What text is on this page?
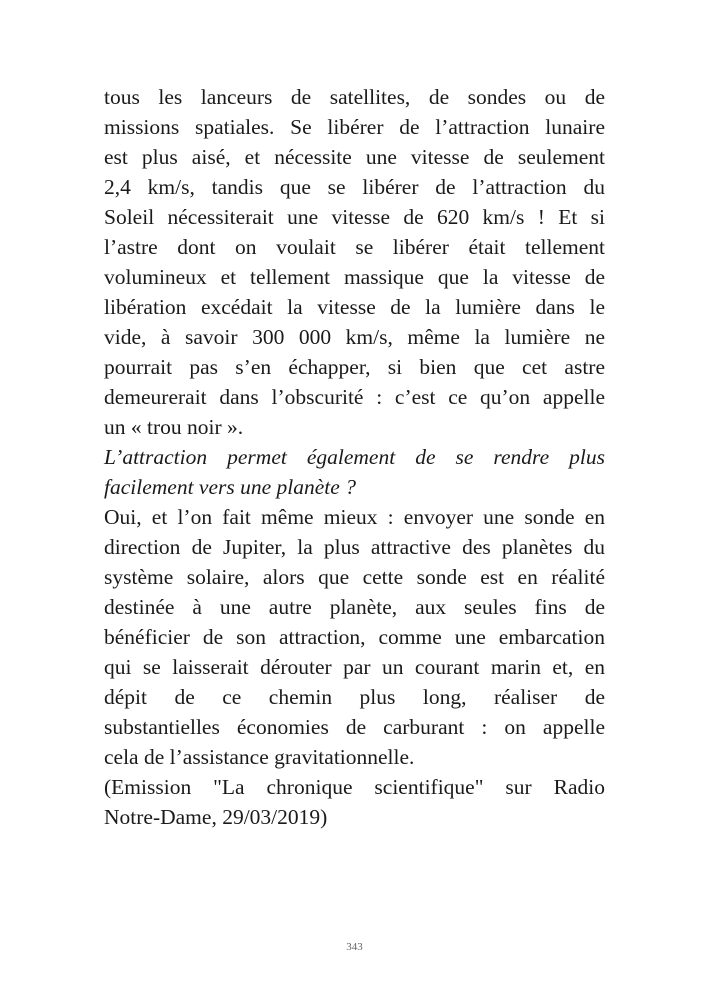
tous les lanceurs de satellites, de sondes ou de
missions spatiales. Se libérer de l’attraction lunaire
est plus aisé, et nécessite une vitesse de seulement
2,4 km/s, tandis que se libérer de l’attraction du
Soleil nécessiterait une vitesse de 620 km/s ! Et si
l’astre dont on voulait se libérer était tellement
volumineux et tellement massique que la vitesse de
libération excédait la vitesse de la lumière dans le
vide, à savoir 300 000 km/s, même la lumière ne
pourrait pas s’en échapper, si bien que cet astre
demeurerait dans l’obscurité : c’est ce qu’on appelle
un « trou noir ».
L’attraction permet également de se rendre plus
facilement vers une planète ?
Oui, et l’on fait même mieux : envoyer une sonde en
direction de Jupiter, la plus attractive des planètes du
système solaire, alors que cette sonde est en réalité
destinée à une autre planète, aux seules fins de
bénéficier de son attraction, comme une embarcation
qui se laisserait dérouter par un courant marin et, en
dépit de ce chemin plus long, réaliser de
substantielles économies de carburant : on appelle
cela de l’assistance gravitationnelle.
(Emission "La chronique scientifique" sur Radio
Notre-Dame, 29/03/2019)
343
